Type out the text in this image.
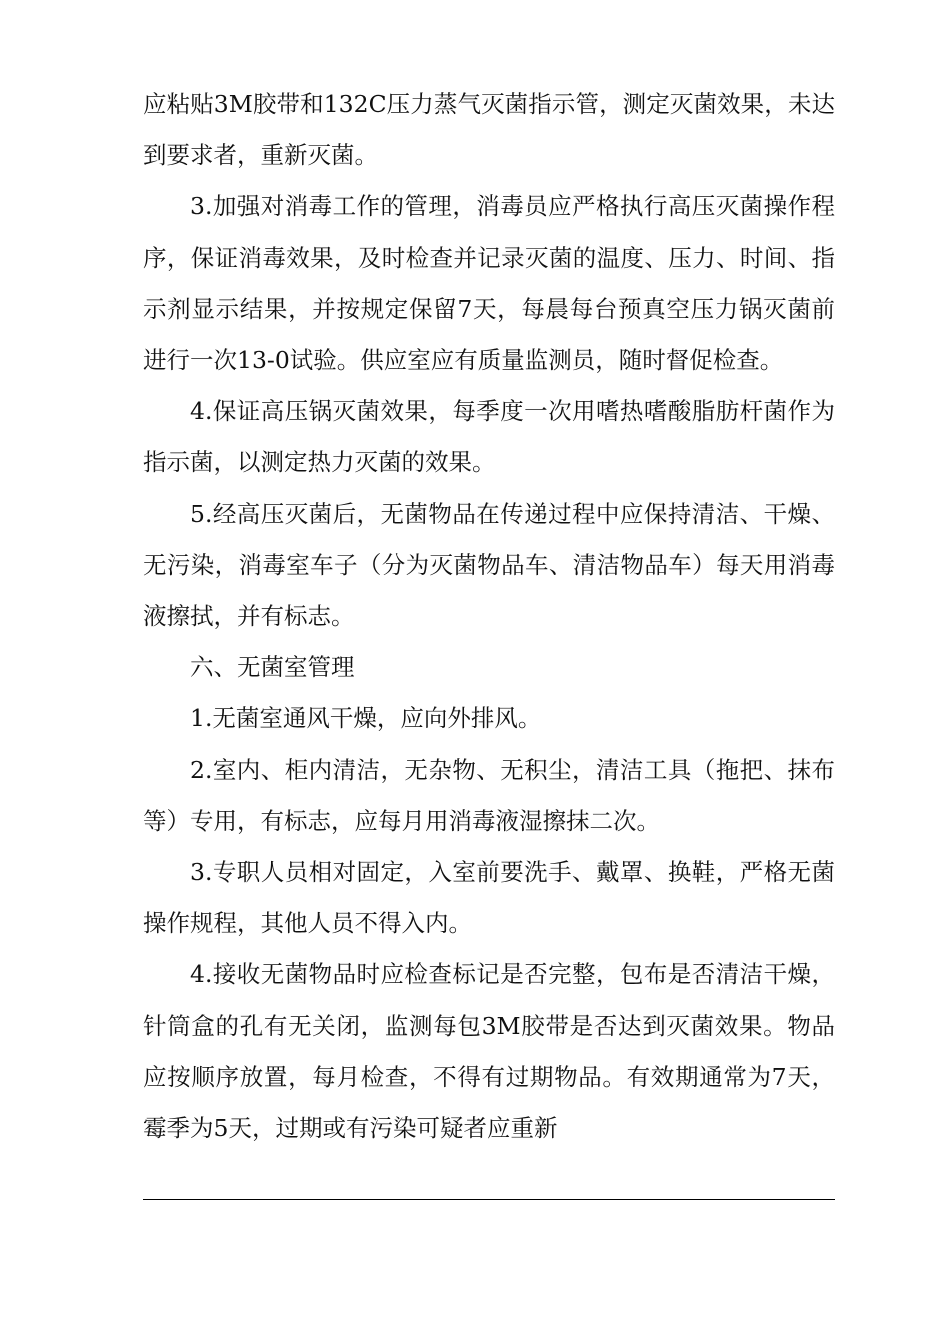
应粘贴3M胶带和132C压力蒸气灭菌指示管，测定灭菌效果，未达到要求者，重新灭菌。

3.加强对消毒工作的管理，消毒员应严格执行高压灭菌操作程序，保证消毒效果，及时检查并记录灭菌的温度、压力、时间、指示剂显示结果，并按规定保留7天，每晨每台预真空压力锅灭菌前进行一次13-0试验。供应室应有质量监测员，随时督促检查。

4.保证高压锅灭菌效果，每季度一次用嗜热嗜酸脂肪杆菌作为指示菌，以测定热力灭菌的效果。

5.经高压灭菌后，无菌物品在传递过程中应保持清洁、干燥、无污染，消毒室车子（分为灭菌物品车、清洁物品车）每天用消毒液擦拭，并有标志。

六、无菌室管理

1.无菌室通风干燥，应向外排风。

2.室内、柜内清洁，无杂物、无积尘，清洁工具（拖把、抹布等）专用，有标志，应每月用消毒液湿擦抹二次。

3.专职人员相对固定，入室前要洗手、戴罩、换鞋，严格无菌操作规程，其他人员不得入内。

4.接收无菌物品时应检查标记是否完整，包布是否清洁干燥，针筒盒的孔有无关闭，监测每包3M胶带是否达到灭菌效果。物品应按顺序放置，每月检查，不得有过期物品。有效期通常为7天，霉季为5天，过期或有污染可疑者应重新
